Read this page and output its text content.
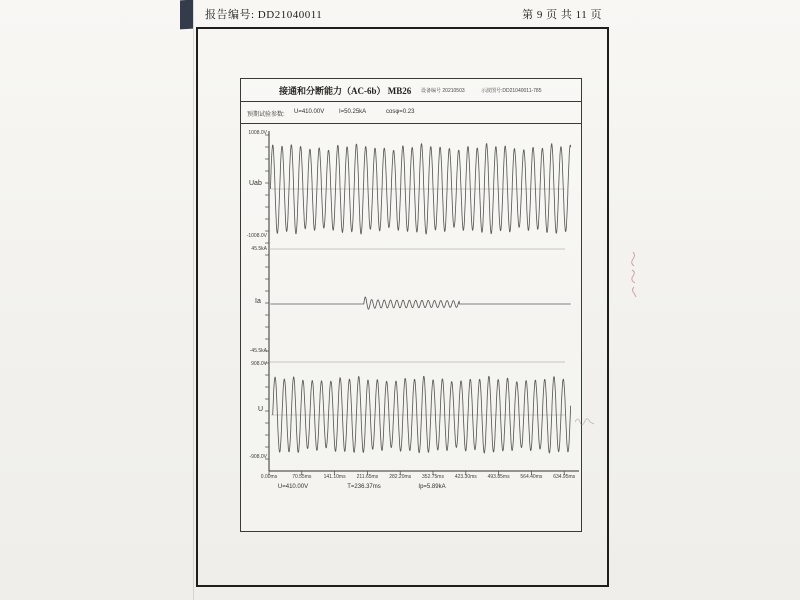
报告编号: DD21040011	第 9 页 共 11 页
接通和分断能力（AC-6b） MB26 设备编号 20210503	示波图号:DD21040011-785
预期试验参数: U=410.00V I=50.25kA	cosφ=0.23
1008.0V
-1008.0V
45.5kA
-45.5kA
908.0V
-908.0V
Uab
Ia
U
0.00ms	70.55ms	141.10ms	211.65ms	282.20ms	352.75ms	423.30ms	493.85ms	564.40ms	634.95ms
U=410.00V	T=236.37ms	Ip=5.89kA
